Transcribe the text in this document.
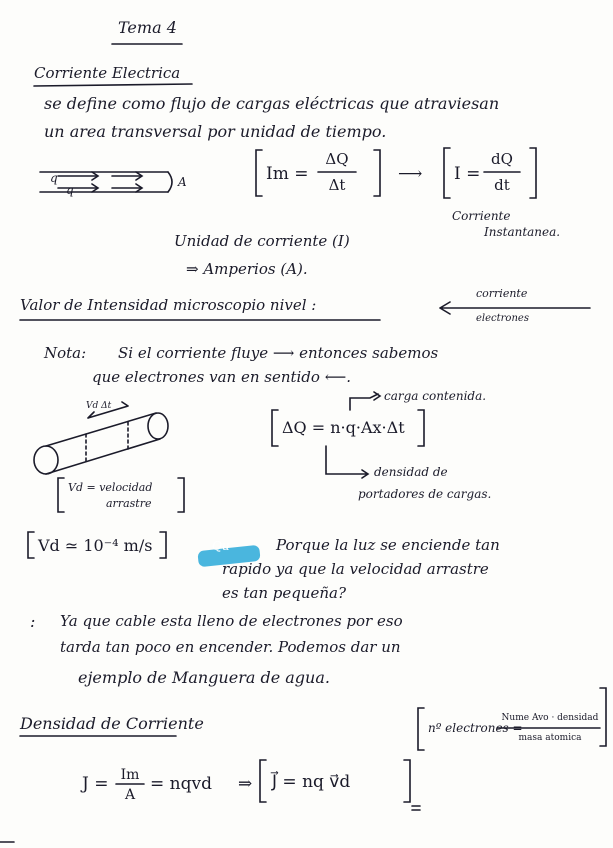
Tema 4
Corriente Electrica
se define como flujo de cargas eléctricas que atraviesan
un area transversal por unidad de tiempo.
q
q
A	Im =
ΔQ
Δt
⟶ I =
dQ
dt
Corriente
Instantanea.
Unidad de corriente (I)
⇒ Amperios (A).
Valor de Intensidad microscopio nivel :
corriente
electrones
Nota: Si el corriente fluye ⟶ entonces sabemos
que electrones van en sentido ⟵.
Vd Δt
carga contenida.
ΔQ = n·q·Ax·Δt
densidad de
portadores de cargas.
Vd = velocidad
arrastre
Vd ≃ 10⁻⁴ m/s	Qu	Porque la luz se enciende tan
rapido ya que la velocidad arrastre
es tan pequeña?
: Ya que cable esta lleno de electrones por eso
tarda tan poco en encender. Podemos dar un
ejemplo de Manguera de agua.
Densidad de Corriente	nº electrones =
Nume Avo · densidad
masa atomica
J = Im
A
= nqvd ⇒ J⃗ = nq v⃗d
